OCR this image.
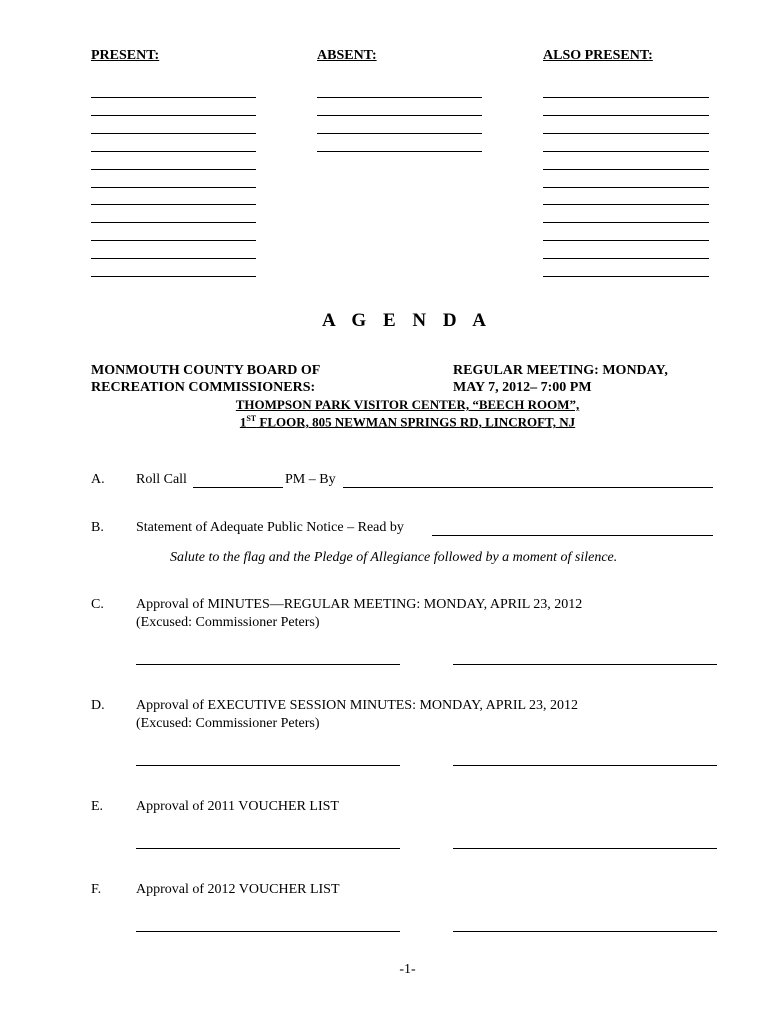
PRESENT:	ABSENT:	ALSO PRESENT:
A G E N D A
MONMOUTH COUNTY BOARD OF
RECREATION COMMISSIONERS:
REGULAR MEETING: MONDAY,
MAY 7, 2012– 7:00 PM
THOMPSON PARK VISITOR CENTER, “BEECH ROOM”,
1ST FLOOR, 805 NEWMAN SPRINGS RD, LINCROFT, NJ
A. Roll Call	PM – By
B. Statement of Adequate Public Notice – Read by
Salute to the flag and the Pledge of Allegiance followed by a moment of silence.
C. Approval of MINUTES—REGULAR MEETING: MONDAY, APRIL 23, 2012
(Excused: Commissioner Peters)
D. Approval of EXECUTIVE SESSION MINUTES: MONDAY, APRIL 23, 2012
(Excused: Commissioner Peters)
E. Approval of 2011 VOUCHER LIST
F. Approval of 2012 VOUCHER LIST
-1-
